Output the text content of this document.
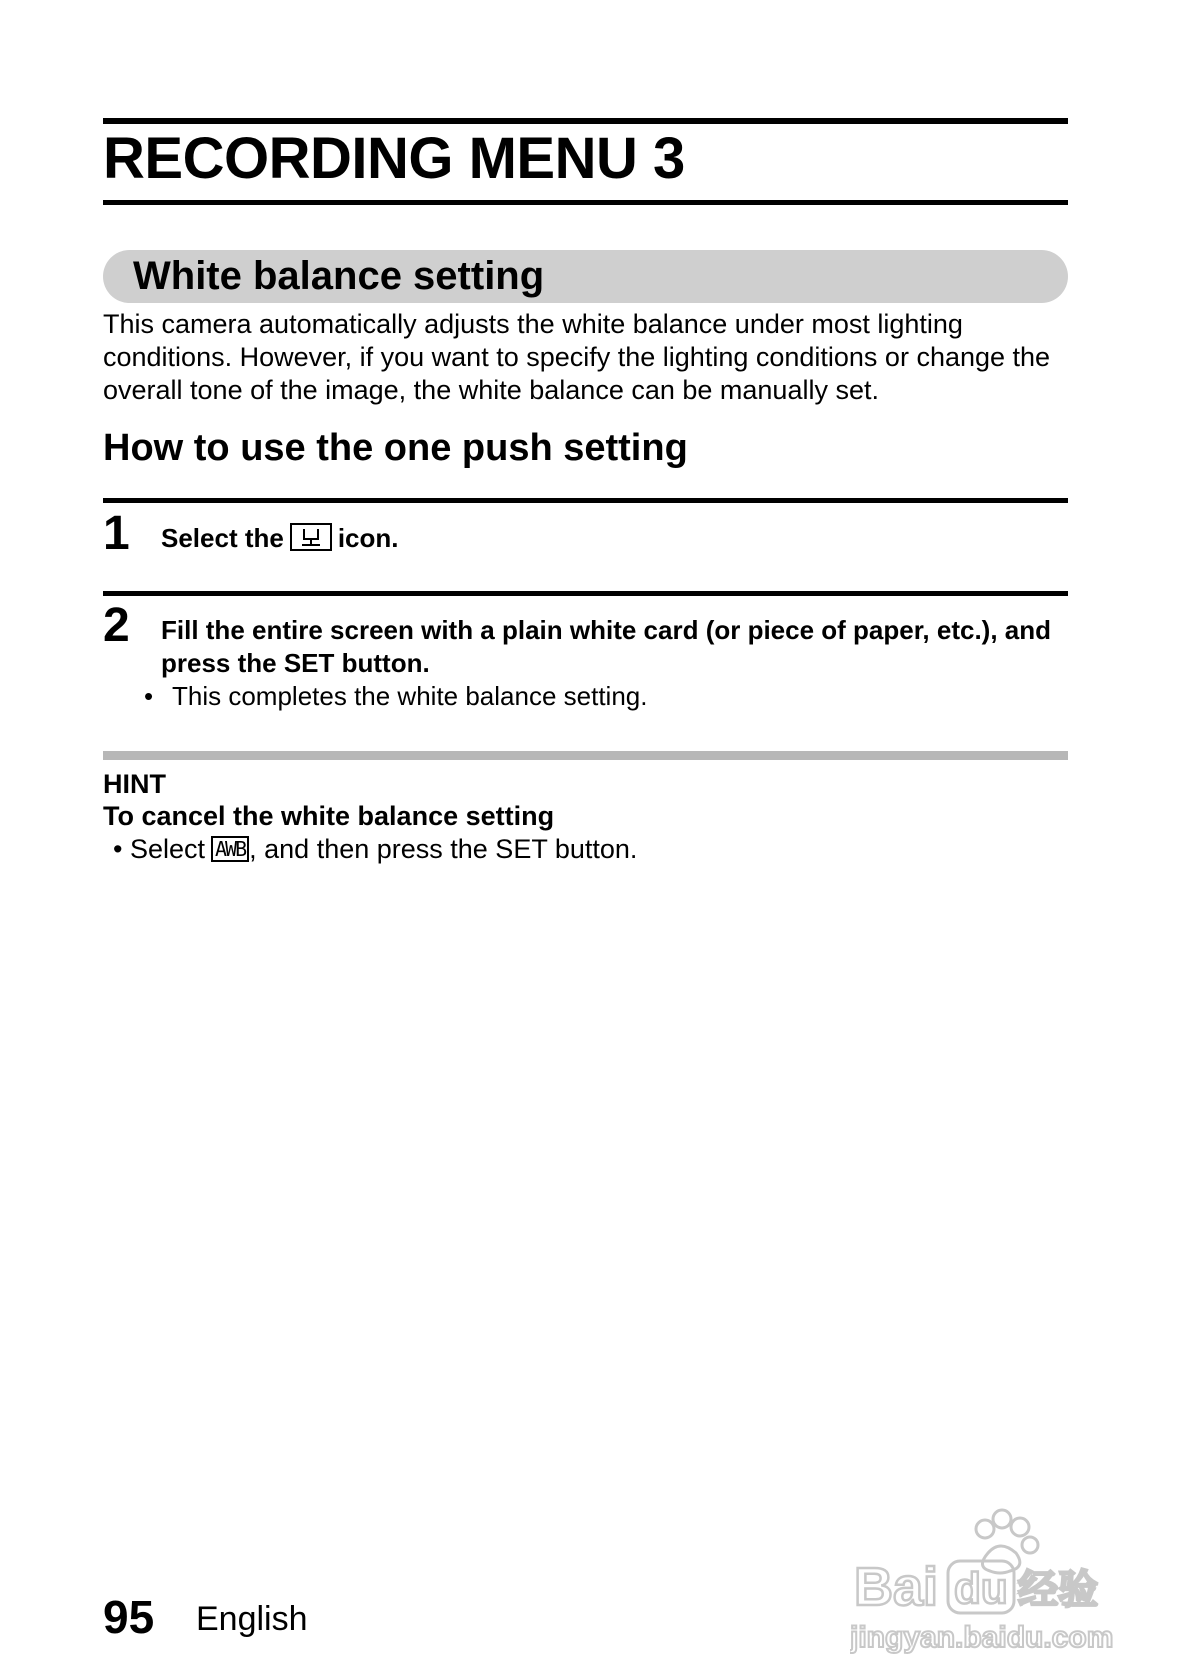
RECORDING MENU 3
White balance setting

This camera automatically adjusts the white balance under most lighting conditions. However, if you want to specify the lighting conditions or change the overall tone of the image, the white balance can be manually set.

How to use the one push setting
1 Select the icon.
2 Fill the entire screen with a plain white card (or piece of paper, etc.), and press the SET button.
• This completes the white balance setting.
HINT
To cancel the white balance setting
• Select AWB , and then press the SET button.
95 English
Bai du 经验
jingyan.baidu.com
